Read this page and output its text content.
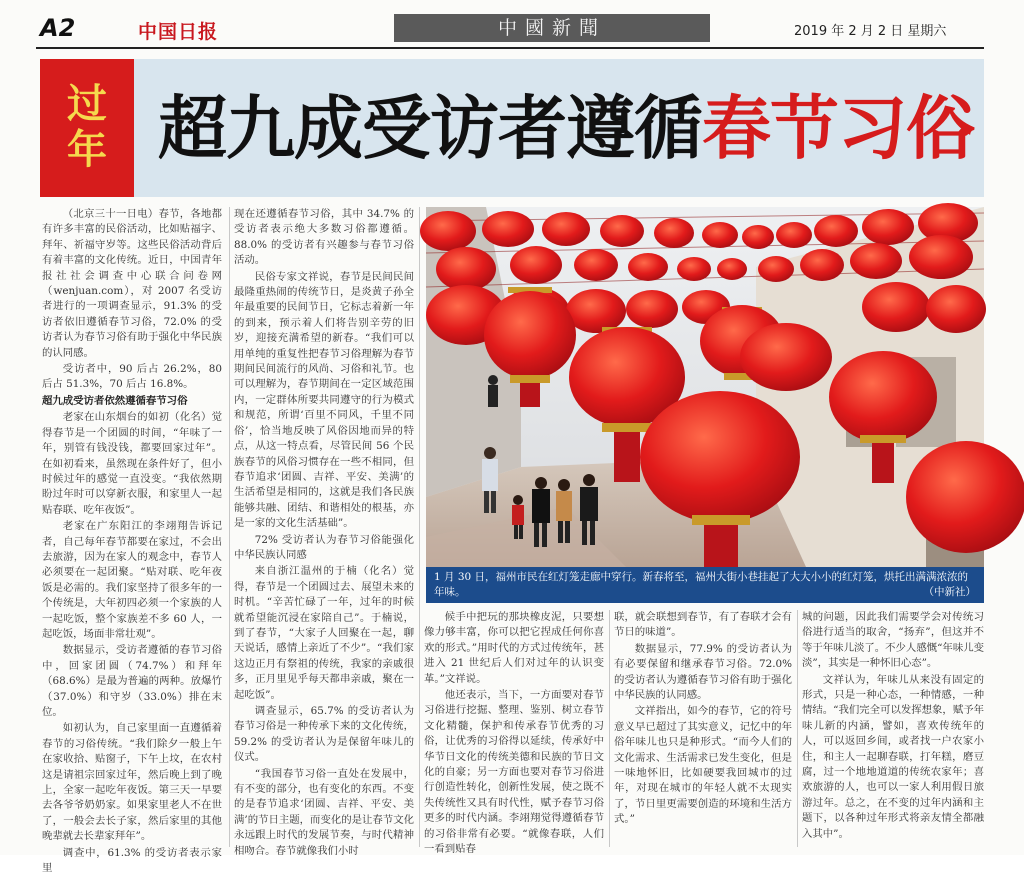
A2	中国日报	中國新聞	2019 年 2 月 2 日 星期六
过
年 超九成受访者遵循春节习俗

（北京三十一日电）春节，各地都有许多丰富的民俗活动，比如贴福字、拜年、祈福守岁等。这些民俗活动背后有着丰富的文化传统。近日，中国青年报社社会调查中心联合问卷网（wenjuan.com），对 2007 名受访者进行的一项调查显示，91.3% 的受访者依旧遵循春节习俗，72.0% 的受访者认为春节习俗有助于强化中华民族的认同感。

受访者中，90 后占 26.2%，80 后占 51.3%，70 后占 16.8%。

超九成受访者依然遵循春节习俗

老家在山东烟台的如初（化名）觉得春节是一个团圆的时间，“年味了一年，别管有钱没钱，都要回家过年”。在如初看来，虽然现在条件好了，但小时候过年的感觉一直没变。“我依然期盼过年时可以穿新衣服，和家里人一起贴春联、吃年夜饭”。

老家在广东阳江的李翊翔告诉记者，自己每年春节都要在家过，不会出去旅游，因为在家人的观念中，春节人必须要在一起团聚。“贴对联、吃年夜饭是必需的。我们家坚持了很多年的一个传统是，大年初四必须一个家族的人一起吃饭，整个家族差不多 60 人，一起吃饭，场面非常壮观”。

数据显示，受访者遵循的春节习俗中，回家团圆（74.7%）和拜年（68.6%）是最为普遍的两种。放爆竹（37.0%）和守岁（33.0%）排在末位。

如初认为，自己家里面一直遵循着春节的习俗传统。“我们除夕一般上午在家收拾、贴窗子，下午上坟，在农村这是请祖宗回家过年，然后晚上到了晚上，全家一起吃年夜饭。第三天一早要去各爷爷奶奶家。如果家里老人不在世了，一般会去长子家，然后家里的其他晚辈就去长辈家拜年”。

调查中，61.3% 的受访者表示家里

现在还遵循春节习俗，其中 34.7% 的受访者表示绝大多数习俗都遵循。88.0% 的受访者有兴趣参与春节习俗活动。

民俗专家文祥说，春节是民间民间最隆重热闹的传统节日，是炎黄子孙全年最重要的民间节日，它标志着新一年的到来，预示着人们将告别辛劳的旧岁，迎接充满希望的新春。“我们可以用单纯的重复性把春节习俗理解为春节期间民间流行的风尚、习俗和礼节。也可以理解为，春节期间在一定区域范围内，一定群体所要共同遵守的行为模式和规范，所谓‘百里不同风，千里不同俗’，恰当地反映了风俗因地而异的特点，从这一特点看，尽管民间 56 个民族春节的风俗习惯存在一些不相同，但春节追求‘团圆、吉祥、平安、美满’的生活希望是相同的，这就是我们各民族能够共融、团结、和谐相处的根基，亦是一家的文化生活基础”。

72% 受访者认为春节习俗能强化中华民族认同感

来自浙江温州的于楠（化名）觉得，春节是一个团圆过去、展望未来的时机。“辛苦忙碌了一年，过年的时候就希望能沉浸在家陪自己”。于楠说，到了春节，“大家子人回聚在一起，聊天说话，感情上亲近了不少”。“我们家这边正月有祭祖的传统，我家的亲戚很多，正月里见乎每天都串亲戚，聚在一起吃饭”。

调查显示，65.7% 的受访者认为春节习俗是一种传承下来的文化传统，59.2% 的受访者认为是保留年味儿的仪式。

“我国春节习俗一直处在发展中，有不变的部分，也有变化的东西。不变的是春节追求‘团圆、吉祥、平安、美满’的节日主题，而变化的是让春节文化永远跟上时代的发展节奏，与时代精神相吻合。春节就像我们小时

候手中把玩的那块橡皮泥，只要想像力够丰富，你可以把它捏成任何你喜欢的形式。”用时代的方式过传统年，甚进入 21 世纪后人们对过年的认识变革。”文祥说。

他还表示，当下，一方面要对春节习俗进行挖掘、整理、鉴别、树立春节文化精髓，保护和传承春节优秀的习俗，让优秀的习俗得以延续，传承好中华节日文化的传统美德和民族的节日文化的自豪；另一方面也要对春节习俗进行创造性转化，创新性发展，使之既不失传统性又具有时代性，赋予春节习俗更多的时代内涵。李翊翔觉得遵循春节的习俗非常有必要。“就像春联，人们一看到贴春

联，就会联想到春节，有了春联才会有节日的味道”。

数据显示，77.9% 的受访者认为有必要保留和继承春节习俗。72.0% 的受访者认为遵循春节习俗有助于强化中华民族的认同感。

文祥指出，如今的春节，它的符号意义早已超过了其实意义，记忆中的年俗年味儿也只是种形式。“而今人们的文化需求、生活需求已发生变化，但是一味地怀旧，比如硬要我回城市的过年，对现在城市的年轻人就不太现实了，节日里更需要创造的环境和生活方式。”

城的问题，因此我们需要学会对传统习俗进行适当的取舍，“扬弃”，但这并不等于年味儿淡了。不少人感慨“年味儿变淡”，其实是一种怀旧心态”。

文祥认为，年味儿从来没有固定的形式，只是一种心态，一种情感，一种情结。“我们完全可以发挥想象，赋予年味儿新的内涵，譬如，喜欢传统年的人，可以返回乡间，或者找一户农家小住，和主人一起聊春联，打年糕，磨豆腐，过一个地地道道的传统农家年；喜欢旅游的人，也可以一家人利用假日旅游过年。总之，在不变的过年内涵和主题下，以各种过年形式将亲友情全都融入其中”。

1 月 30 日，福州市民在红灯笼走廊中穿行。新春将至，福州大街小巷挂起了大大小小的红灯笼，烘托出满满浓浓的年味。	（中新社）
